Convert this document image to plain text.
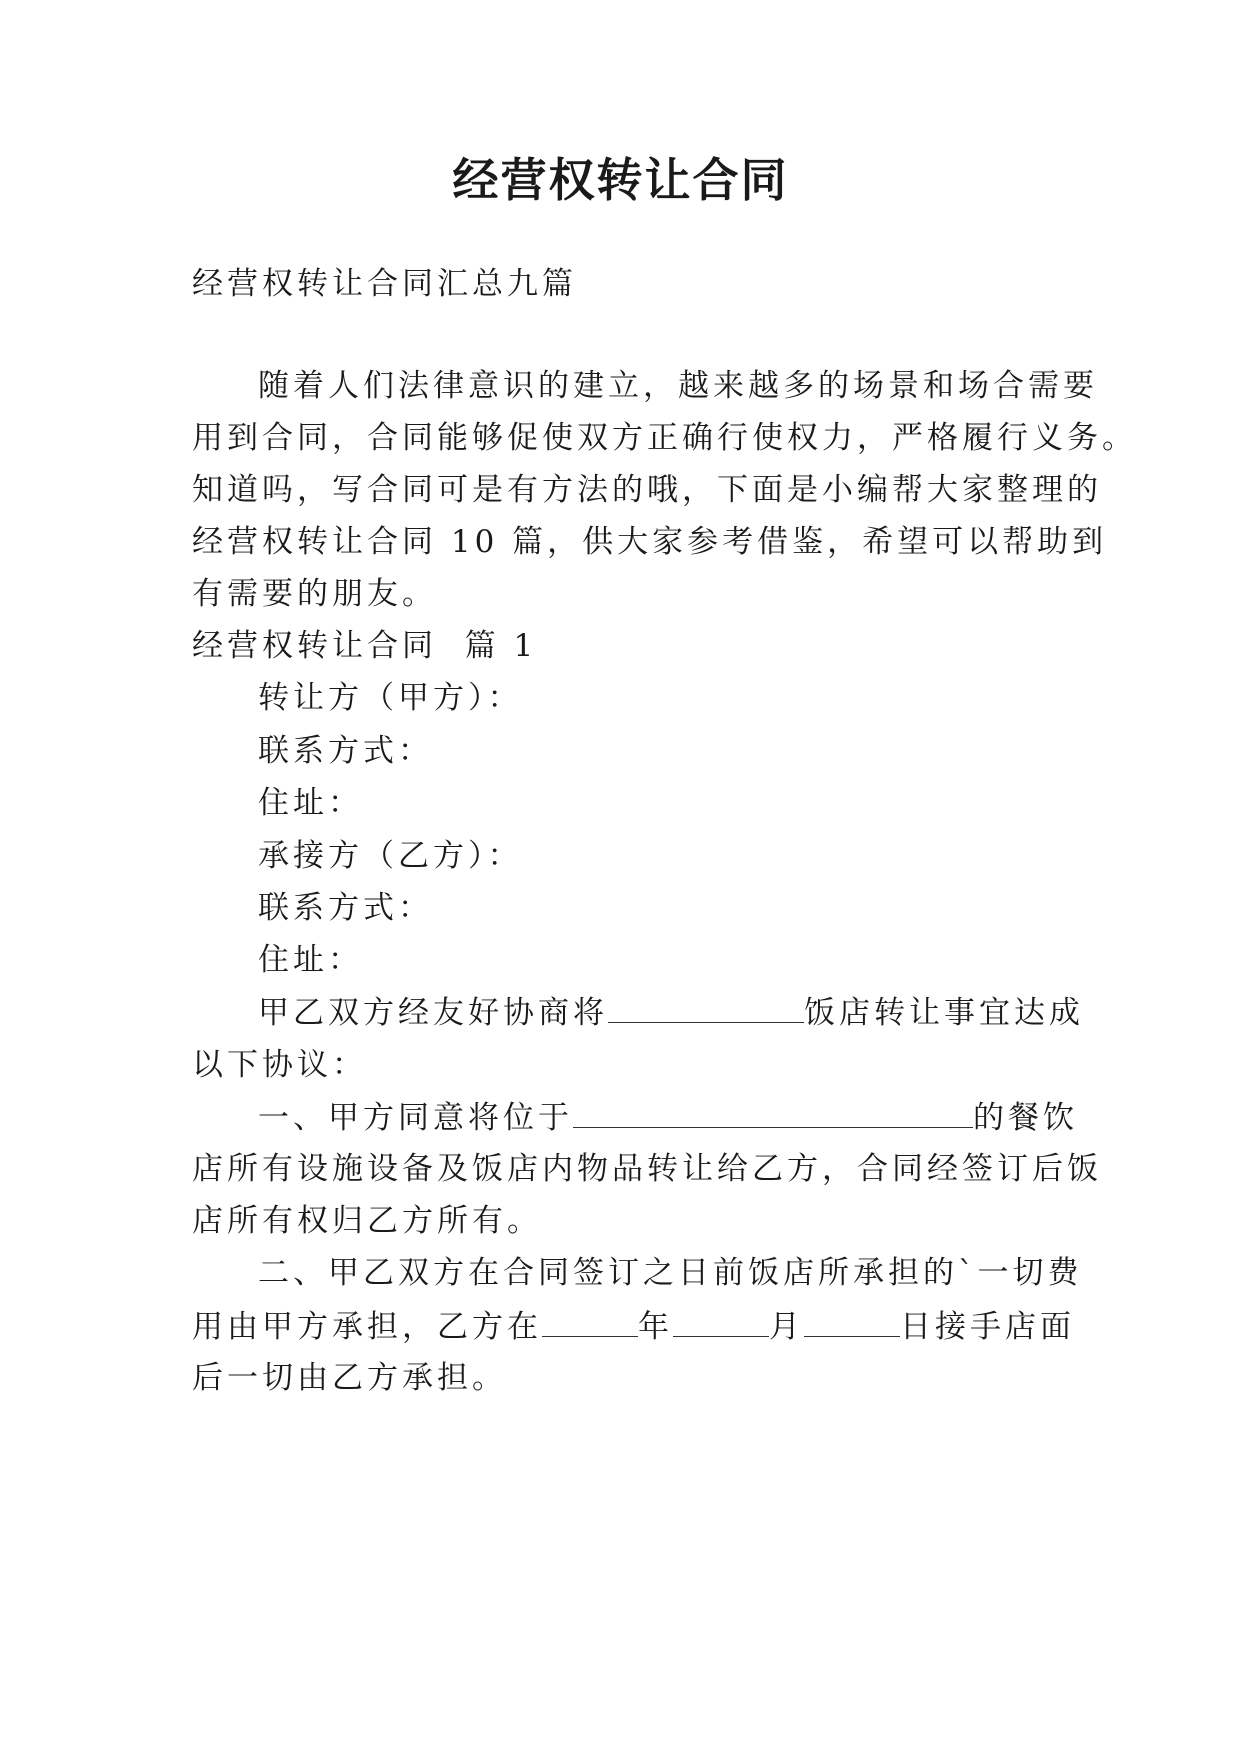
经营权转让合同
经营权转让合同汇总九篇
随着人们法律意识的建立，越来越多的场景和场合需要
用到合同，合同能够促使双方正确行使权力，严格履行义务。
知道吗，写合同可是有方法的哦，下面是小编帮大家整理的
经营权转让合同 10 篇，供大家参考借鉴，希望可以帮助到
有需要的朋友。
经营权转让合同  篇 1
转让方（甲方）：
联系方式：
住址：
承接方（乙方）：
联系方式：
住址：
甲乙双方经友好协商将	饭店转让事宜达成
以下协议：
一、甲方同意将位于	的餐饮
店所有设施设备及饭店内物品转让给乙方，合同经签订后饭
店所有权归乙方所有。
二、甲乙双方在合同签订之日前饭店所承担的`一切费
用由甲方承担，乙方在	年	月	日接手店面
后一切由乙方承担。
